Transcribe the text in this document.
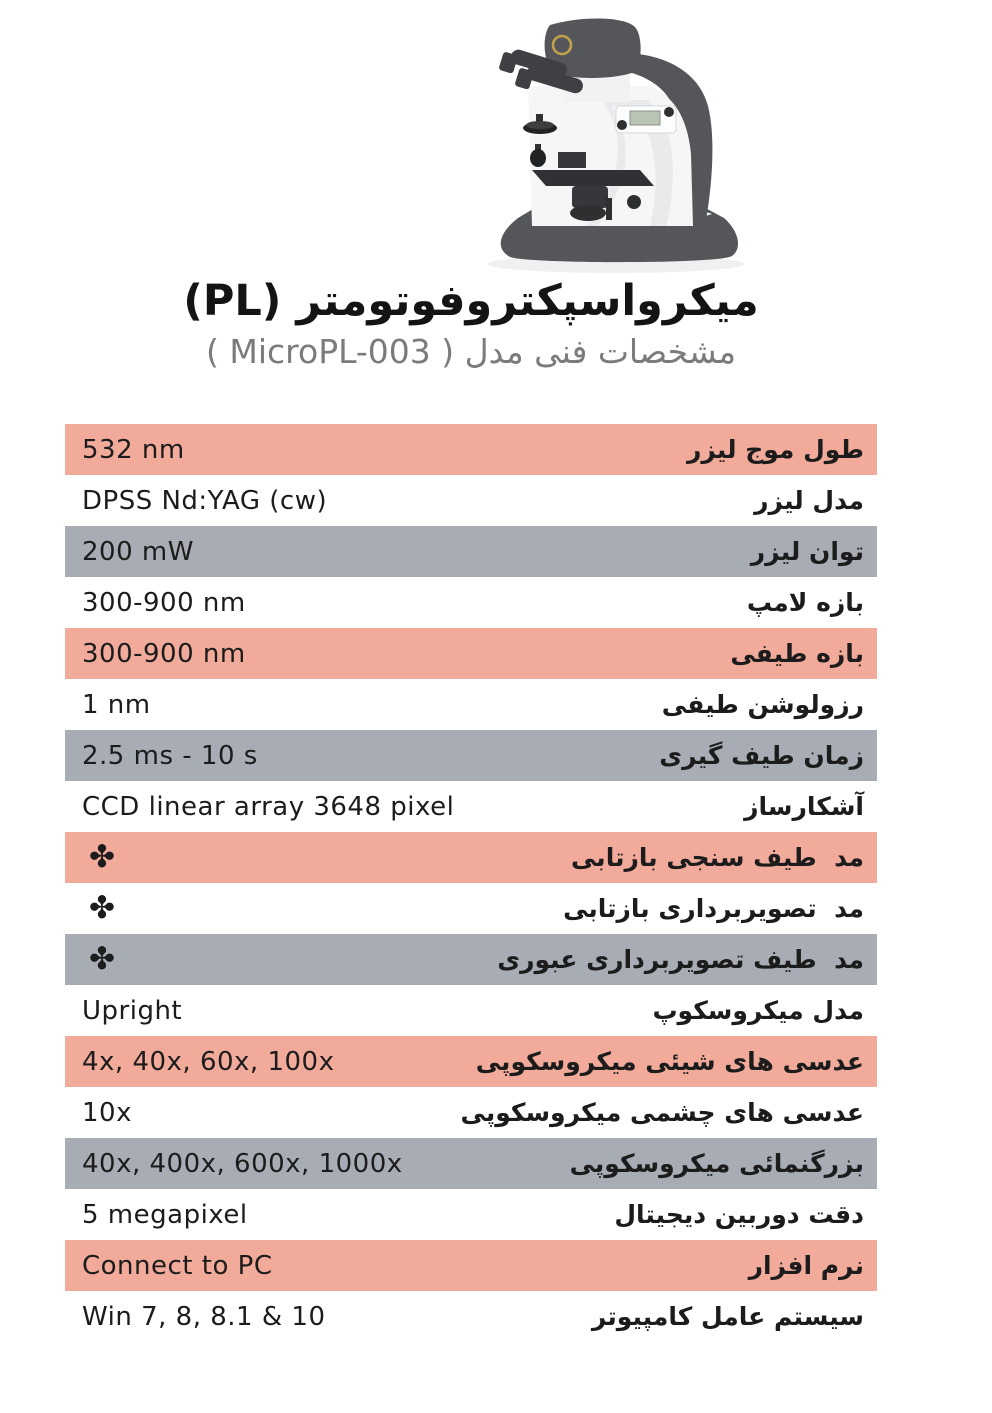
میکرواسپکتروفوتومتر (PL)
مشخصات فنی مدل ( MicroPL-003 )
532 nm	طول موج لیزر
DPSS Nd:YAG (cw)	مدل لیزر
200 mW	توان لیزر
300-900 nm	بازه لامپ
300-900 nm	بازه طیفی
1 nm	رزولوشن طیفی
2.5 ms - 10 s	زمان طیف گیری
CCD linear array 3648 pixel	آشکارساز
✤	مد  طیف سنجی بازتابی
✤	مد  تصویربرداری بازتابی
✤	مد  طیف تصویربرداری عبوری
Upright	مدل میکروسکوپ
4x, 40x, 60x, 100x	عدسی های شیئی میکروسکوپی
10x	عدسی های چشمی میکروسکوپی
40x, 400x, 600x, 1000x	بزرگنمائی میکروسکوپی
5 megapixel	دقت دوربین دیجیتال
Connect to PC	نرم افزار
Win 7, 8, 8.1 & 10	سیستم عامل کامپیوتر
